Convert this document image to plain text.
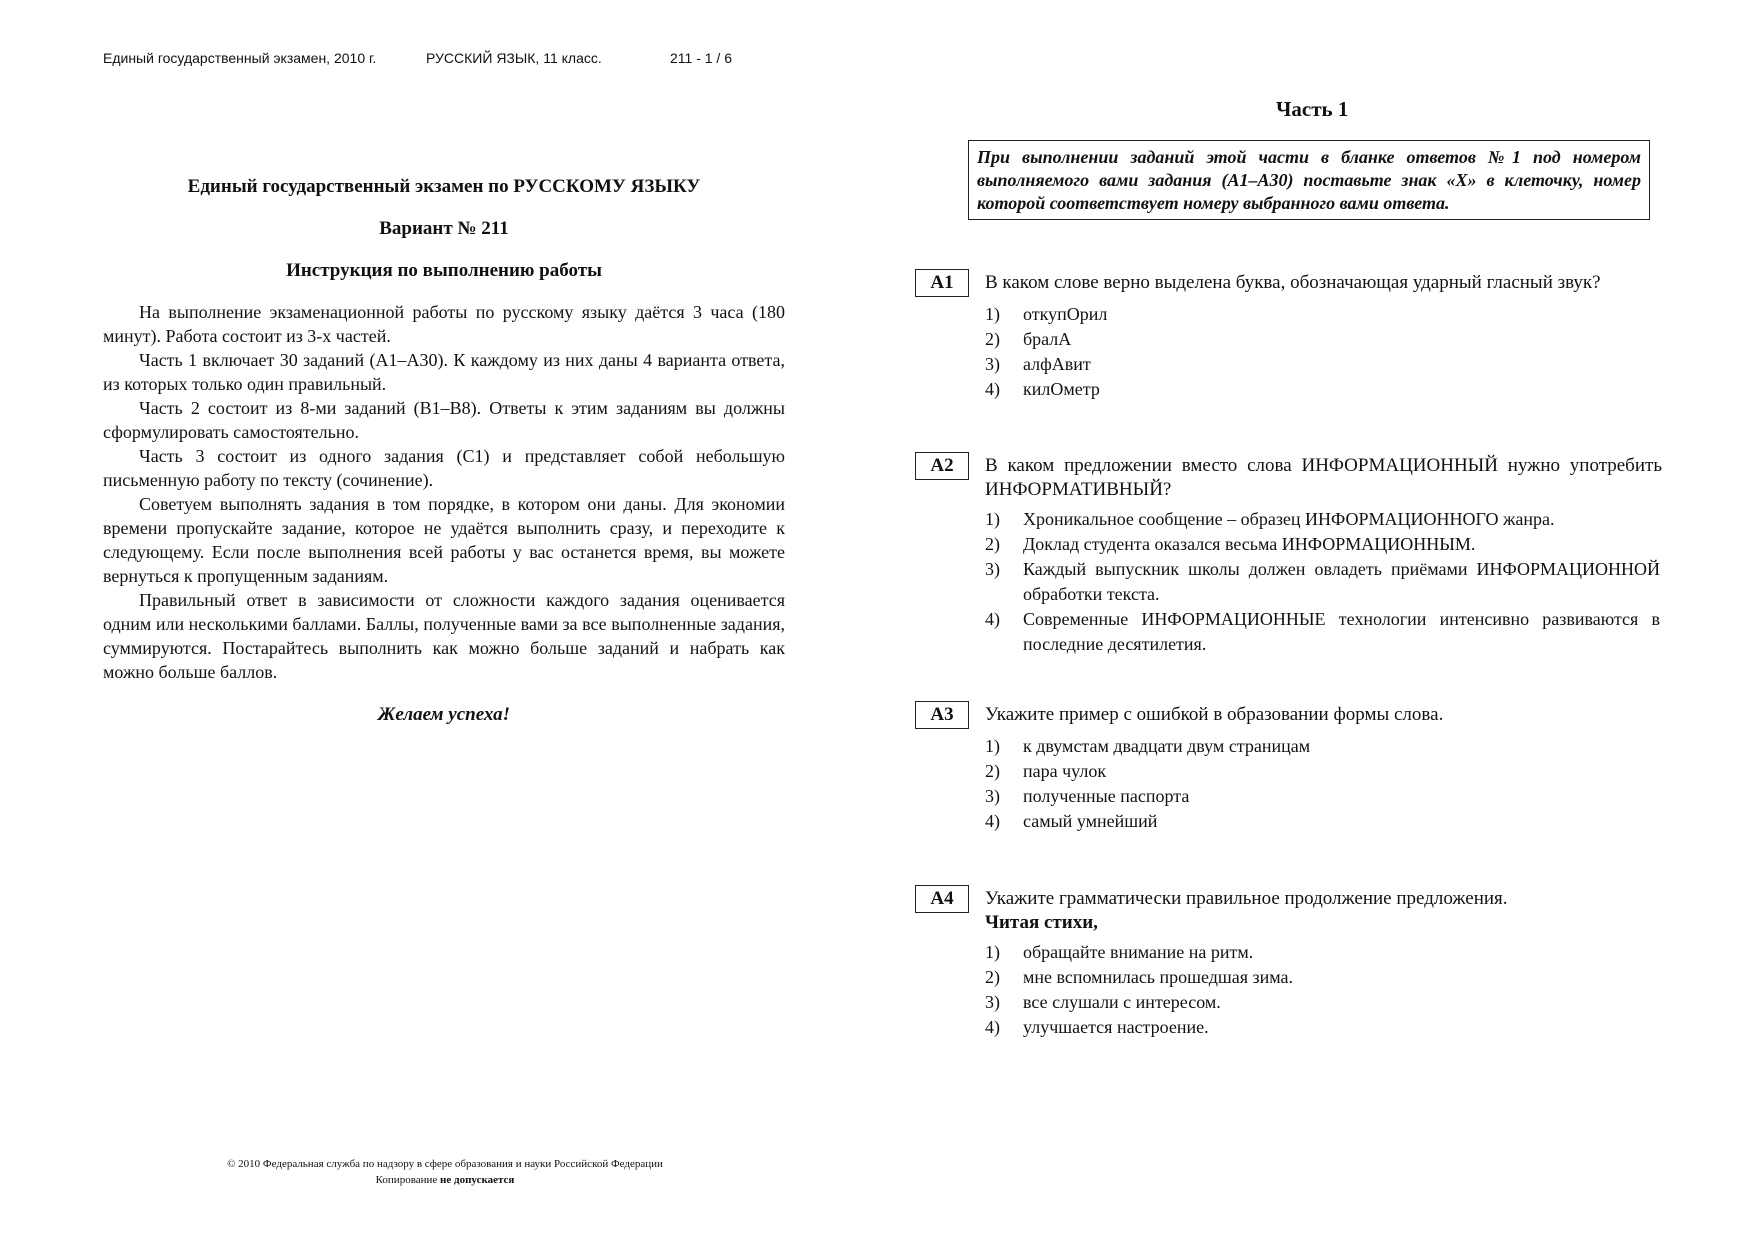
Единый государственный экзамен, 2010 г.	РУССКИЙ ЯЗЫК, 11 класс.	211 - 1 / 6
Единый государственный экзамен по РУССКОМУ ЯЗЫКУ
Вариант № 211
Инструкция по выполнению работы

На выполнение экзаменационной работы по русскому языку даётся 3 часа (180 минут). Работа состоит из 3-х частей.

Часть 1 включает 30 заданий (А1–А30). К каждому из них даны 4 варианта ответа, из которых только один правильный.

Часть 2 состоит из 8-ми заданий (В1–В8). Ответы к этим заданиям вы должны сформулировать самостоятельно.

Часть 3 состоит из одного задания (С1) и представляет собой небольшую письменную работу по тексту (сочинение).

Советуем выполнять задания в том порядке, в котором они даны. Для экономии времени пропускайте задание, которое не удаётся выполнить сразу, и переходите к следующему. Если после выполнения всей работы у вас останется время, вы можете вернуться к пропущенным заданиям.

Правильный ответ в зависимости от сложности каждого задания оценивается одним или несколькими баллами. Баллы, полученные вами за все выполненные задания, суммируются. Постарайтесь выполнить как можно больше заданий и набрать как можно больше баллов.

Желаем успеха!
© 2010 Федеральная служба по надзору в сфере образования и науки Российской Федерации
Копирование не допускается
Часть 1
При выполнении заданий этой части в бланке ответов №1 под номером выполняемого вами задания (А1–А30) поставьте знак «Х» в клеточку, номер которой соответствует номеру выбранного вами ответа.
А1	В каком слове верно выделена буква, обозначающая ударный гласный звук?
1) откупОрил
2) бралА
3) алфАвит
4) килОметр
А2	В каком предложении вместо слова ИНФОРМАЦИОННЫЙ нужно употребить ИНФОРМАТИВНЫЙ?
1) Хроникальное сообщение – образец ИНФОРМАЦИОННОГО жанра.
2) Доклад студента оказался весьма ИНФОРМАЦИОННЫМ.
3) Каждый выпускник школы должен овладеть приёмами ИНФОРМАЦИОННОЙ обработки текста.
4) Современные ИНФОРМАЦИОННЫЕ технологии интенсивно развиваются в последние десятилетия.
А3	Укажите пример с ошибкой в образовании формы слова.
1) к двумстам двадцати двум страницам
2) пара чулок
3) полученные паспорта
4) самый умнейший
А4	Укажите грамматически правильное продолжение предложения.
Читая стихи,
1) обращайте внимание на ритм.
2) мне вспомнилась прошедшая зима.
3) все слушали с интересом.
4) улучшается настроение.
